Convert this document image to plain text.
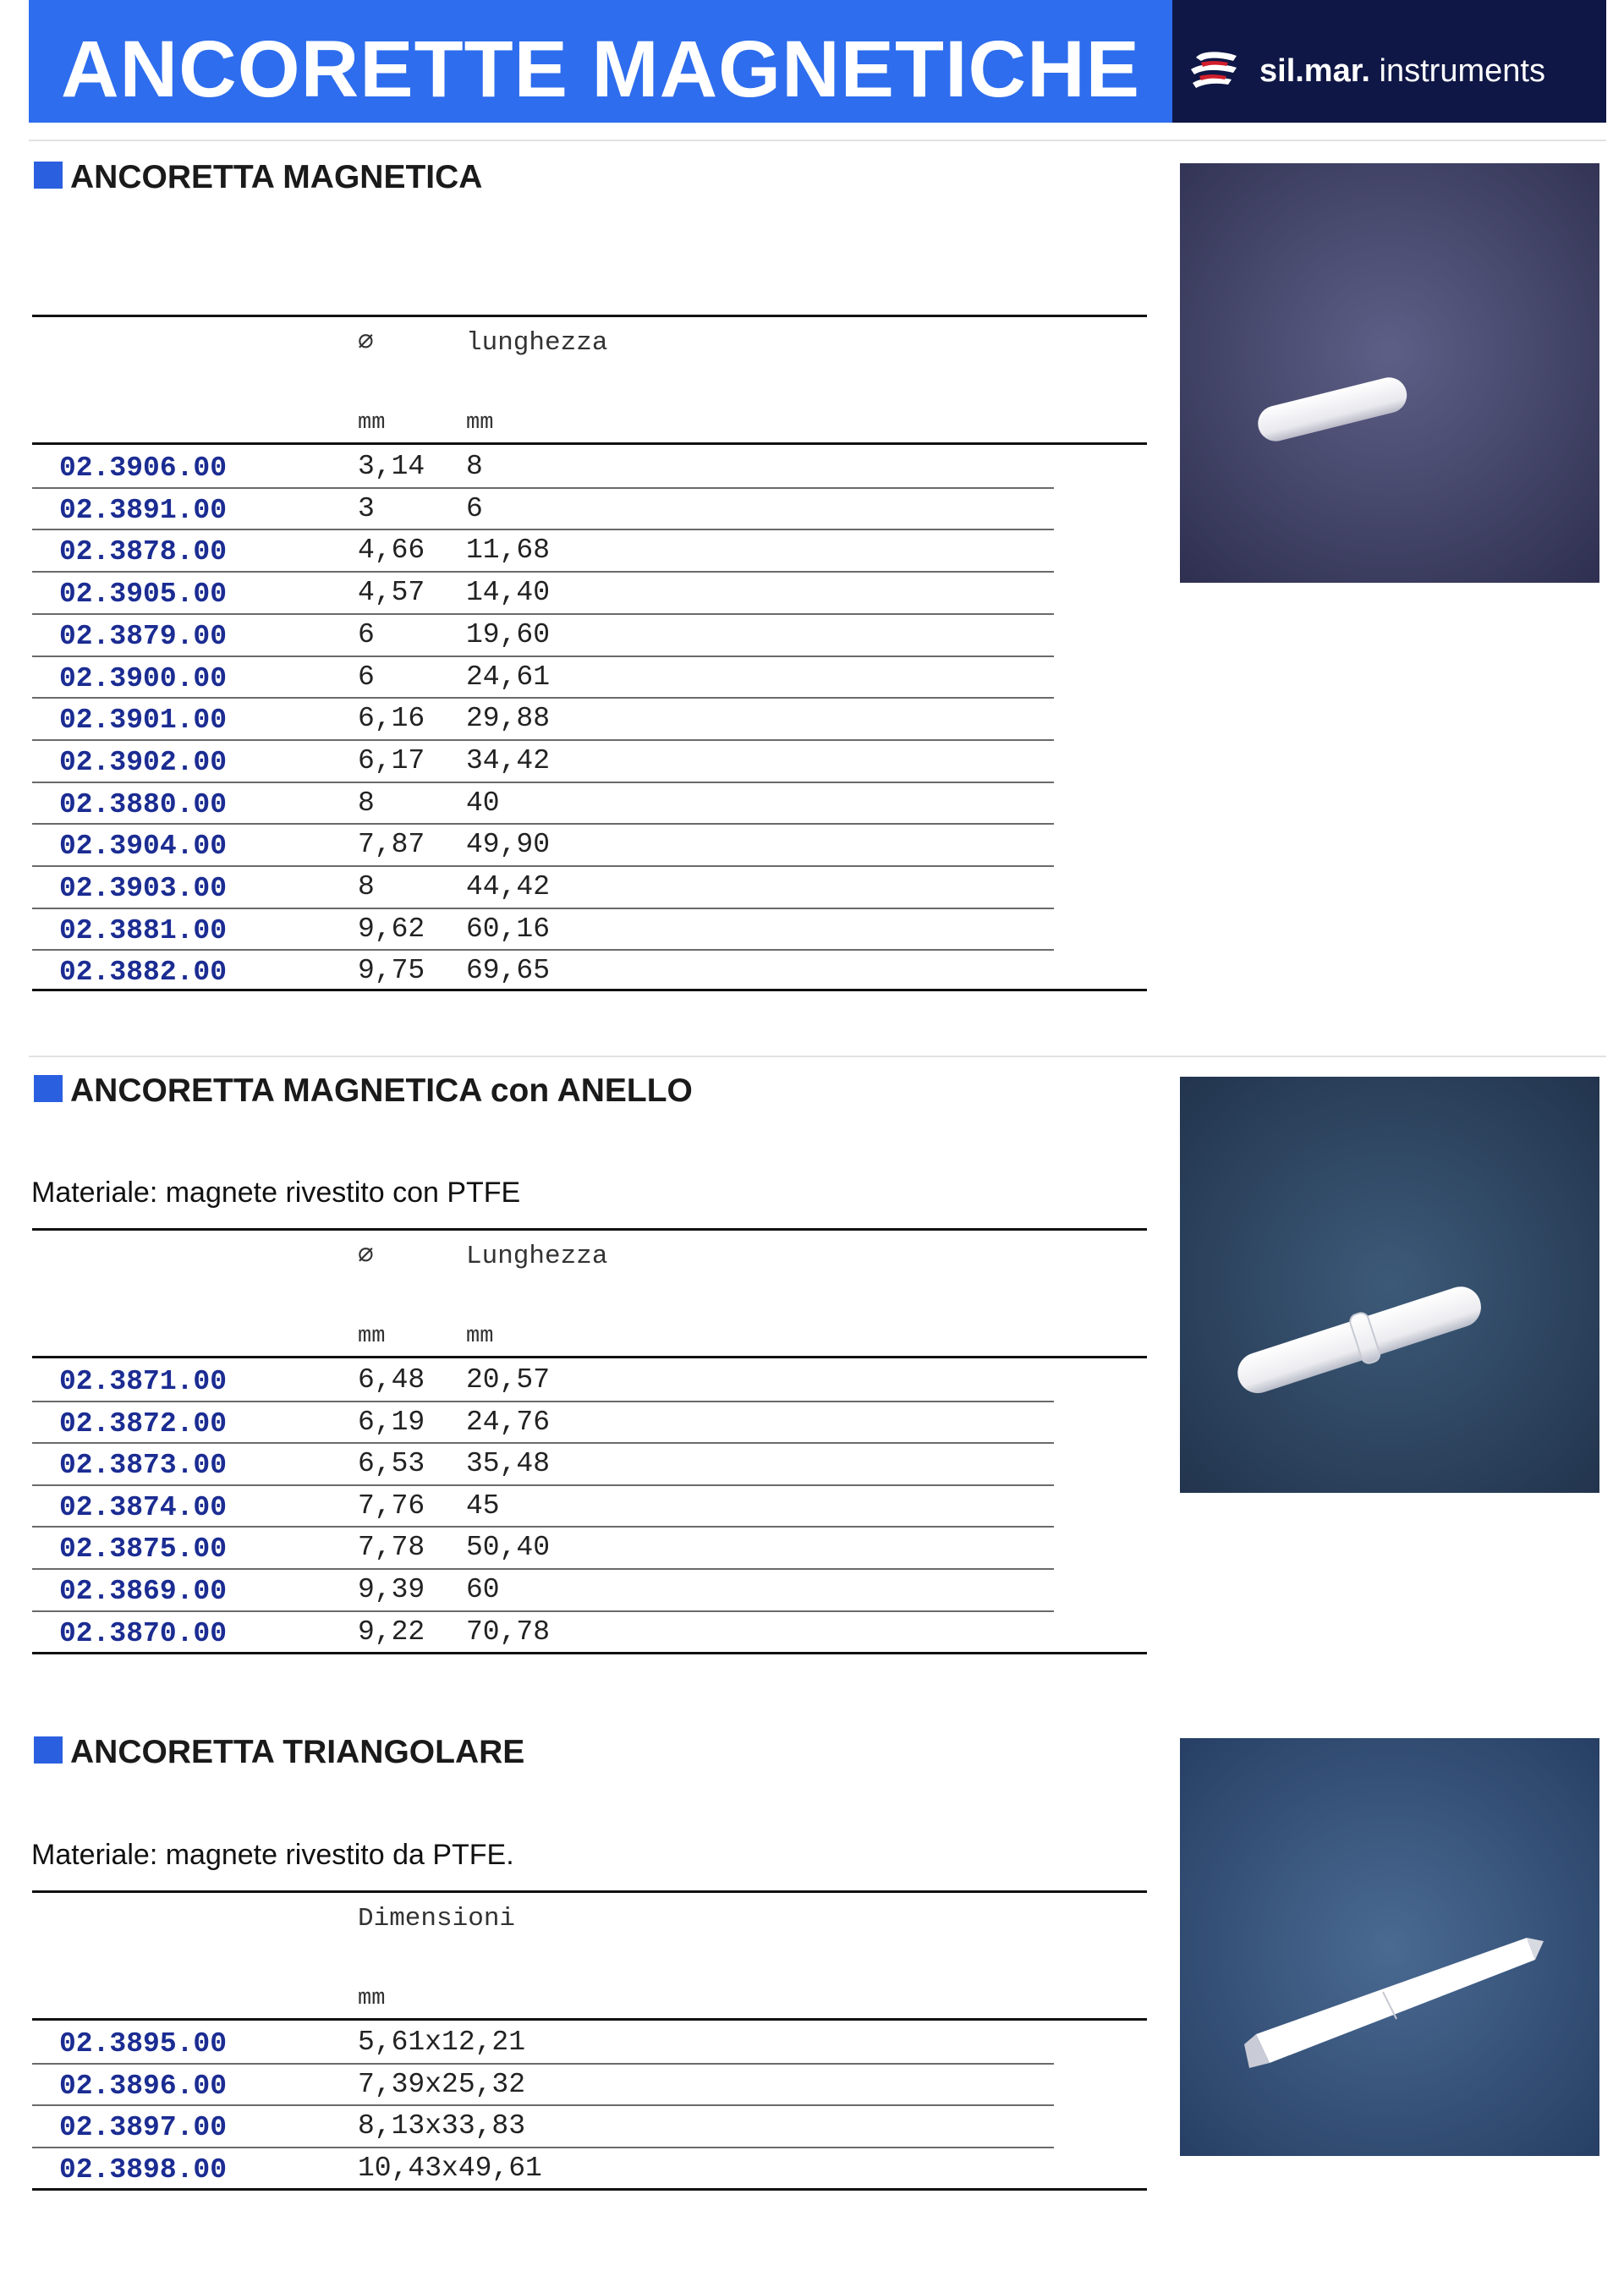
ANCORETTE MAGNETICHE	sil.mar. instruments
ANCORETTA MAGNETICA
⌀	lunghezza
mm	mm
02.3906.00	3,14 8
02.3891.00	3	6
02.3878.00	4,66 11,68
02.3905.00	4,57 14,40
02.3879.00	6	19,60
02.3900.00	6	24,61
02.3901.00	6,16 29,88
02.3902.00	6,17 34,42
02.3880.00	8	40
02.3904.00	7,87 49,90
02.3903.00	8	44,42
02.3881.00	9,62 60,16
02.3882.00	9,75 69,65
ANCORETTA MAGNETICA con ANELLO
Materiale: magnete rivestito con PTFE
⌀	Lunghezza
mm	mm
02.3871.00	6,48 20,57
02.3872.00	6,19 24,76
02.3873.00	6,53 35,48
02.3874.00	7,76 45
02.3875.00	7,78 50,40
02.3869.00	9,39 60
02.3870.00	9,22 70,78
ANCORETTA TRIANGOLARE
Materiale: magnete rivestito da PTFE.
Dimensioni
mm
02.3895.00	5,61x12,21
02.3896.00	7,39x25,32
02.3897.00	8,13x33,83
02.3898.00	10,43x49,61
